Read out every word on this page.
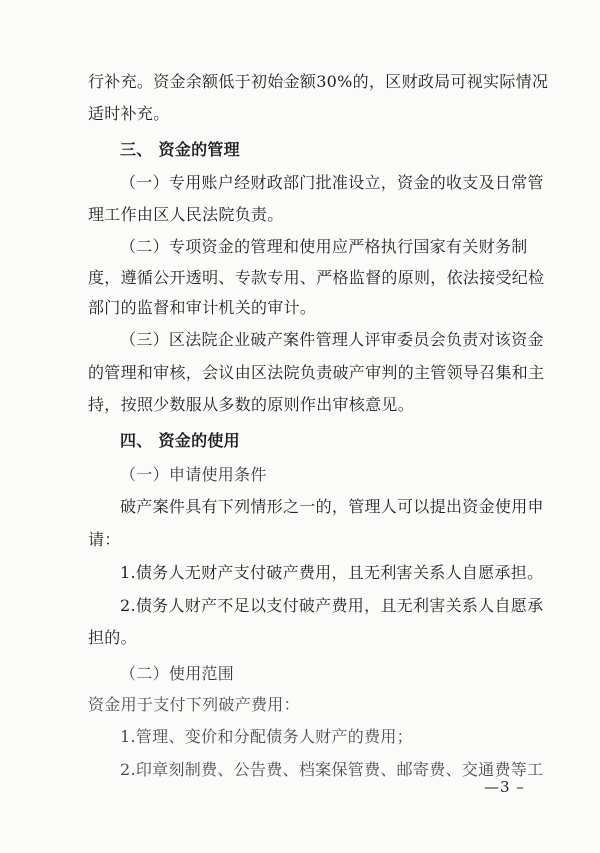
行补充。资金余额低于初始金额30%的，区财政局可视实际情况
适时补充。
三、 资金的管理
（一）专用账户经财政部门批准设立，资金的收支及日常管
理工作由区人民法院负责。
（二）专项资金的管理和使用应严格执行国家有关财务制
度，遵循公开透明、专款专用、严格监督的原则，依法接受纪检
部门的监督和审计机关的审计。
（三）区法院企业破产案件管理人评审委员会负责对该资金
的管理和审核，会议由区法院负责破产审判的主管领导召集和主
持，按照少数服从多数的原则作出审核意见。
四、 资金的使用
（一）申请使用条件
破产案件具有下列情形之一的，管理人可以提出资金使用申
请：
1.债务人无财产支付破产费用，且无利害关系人自愿承担。
2.债务人财产不足以支付破产费用，且无利害关系人自愿承
担的。
（二）使用范围
资金用于支付下列破产费用：
1.管理、变价和分配债务人财产的费用；
2.印章刻制费、公告费、档案保管费、邮寄费、交通费等工
—3 –
